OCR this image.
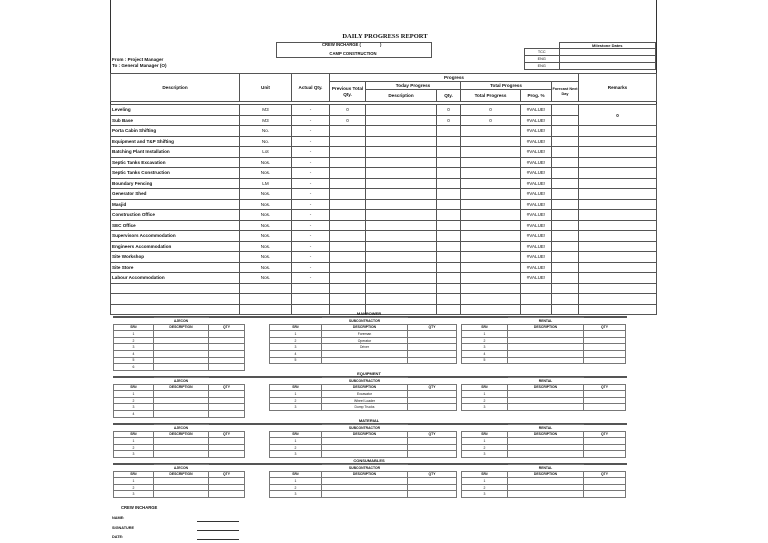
DAILY PROGRESS REPORT
CREW INCHARGE (	)
CAMP CONSTRUCTION
From : Project Manager
To : General Manager (O)
	Milestone Dates
TCC	
ENG	
ENG	
Description	Unit	Actual Qty.	Progress						Remarks
			Previous Total Qty.	Today Progress		Total Progress		Forecast Next Day	
				Description	Qty.	Total Progress	Prog. %		
Leveling	M3	-	0		0	0	#VALUE!		0
Sub Base	M3	-	0		0	0	#VALUE!		
Porta Cabin Shifting	No.	-					#VALUE!		
Equipment and T&P Shifting	No.	-					#VALUE!		
Batching Plant Installation	Lot	-					#VALUE!		
Septic Tanks Excavation	Nos.	-					#VALUE!		
Septic Tanks Construction	Nos.	-					#VALUE!		
Boundary Fencing	LM	-					#VALUE!		
Generator Shed	Nos.	-					#VALUE!		
Masjid	Nos.	-					#VALUE!		
Construction Office	Nos.	-					#VALUE!		
SEC Office	Nos.	-					#VALUE!		
Supervisors Accommodation	Nos.	-					#VALUE!		
Engineers Accommodation	Nos.	-					#VALUE!		
Site Workshop	Nos.	-					#VALUE!		
Site Store	Nos.	-					#VALUE!		
Labour Accommodation	Nos.	-					#VALUE!		

MANPOWER
	AJECON	
SR#	DESCRIPTION	QTY
1		
2		
3		
4		
5		
6		
	SUBCONTRACTOR	
SR#	DESCRIPTION	QTY
1	Foreman	
2	Operator	
3	Driver	
4		
5		
	RENTAL	
SR#	DESCRIPTION	QTY
1		
2		
3		
4		
5		
EQUIPMENT
	AJECON	
SR#	DESCRIPTION	QTY
1		
2		
3		
4		
	SUBCONTRACTOR	
SR#	DESCRIPTION	QTY
1	Excavator	
2	Wheel Loader	
3	Dump Trucks	
	RENTAL	
SR#	DESCRIPTION	QTY
1		
2		
3		
MATERIAL
	AJECON	
SR#	DESCRIPTION	QTY
1		
2		
3		
	SUBCONTRACTOR	
SR#	DESCRIPTION	QTY
1		
2		
3		
	RENTAL	
SR#	DESCRIPTION	QTY
1		
2		
3		
CONSUMABLES
	AJECON	
SR#	DESCRIPTION	QTY
1		
2		
3		
	SUBCONTRACTOR	
SR#	DESCRIPTION	QTY
1		
2		
3		
	RENTAL	
SR#	DESCRIPTION	QTY
1		
2		
3		
CREW INCHARGE
NAME:
SIGNATURE
DATE:
